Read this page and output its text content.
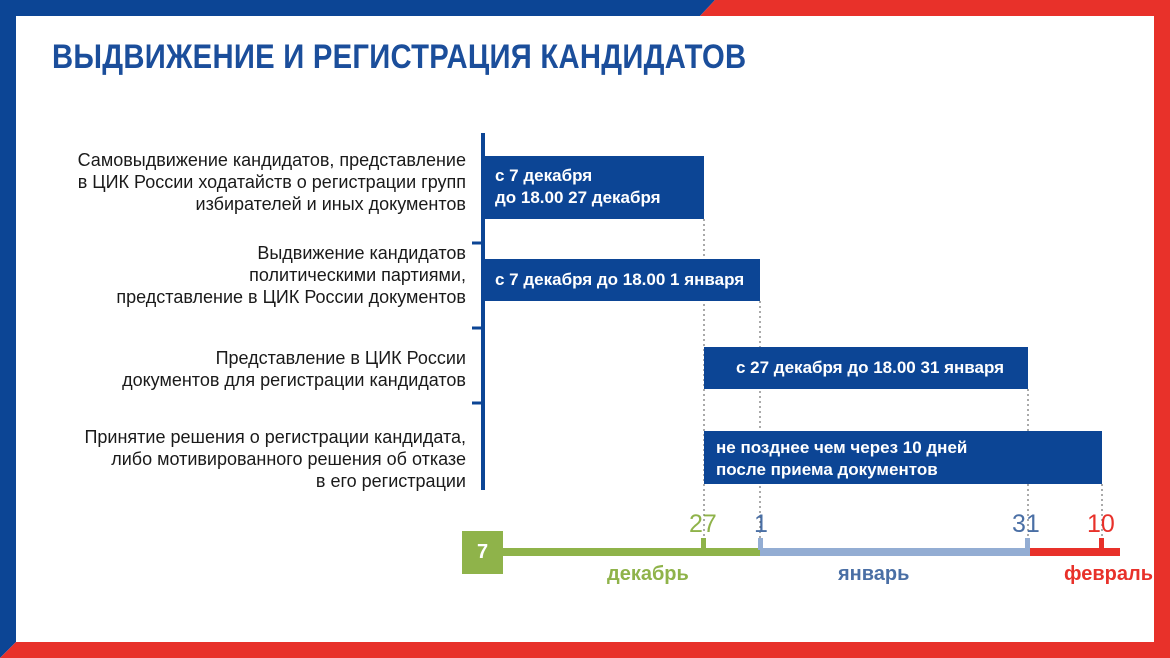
ВЫДВИЖЕНИЕ И РЕГИСТРАЦИЯ КАНДИДАТОВ
Самовыдвижение кандидатов, представление
в ЦИК России ходатайств о регистрации групп
избирателей и иных документов
с 7 декабря
до 18.00 27 декабря
Выдвижение кандидатов
политическими партиями,
представление в ЦИК России документов
с 7 декабря до 18.00 1 января
Представление в ЦИК России
документов для регистрации кандидатов
с 27 декабря до 18.00 31 января
Принятие решения о регистрации кандидата,
либо мотивированного решения об отказе
в его регистрации
не позднее чем через 10 дней
после приема документов
7
27 1	31 10
декабрь	январь	февраль
